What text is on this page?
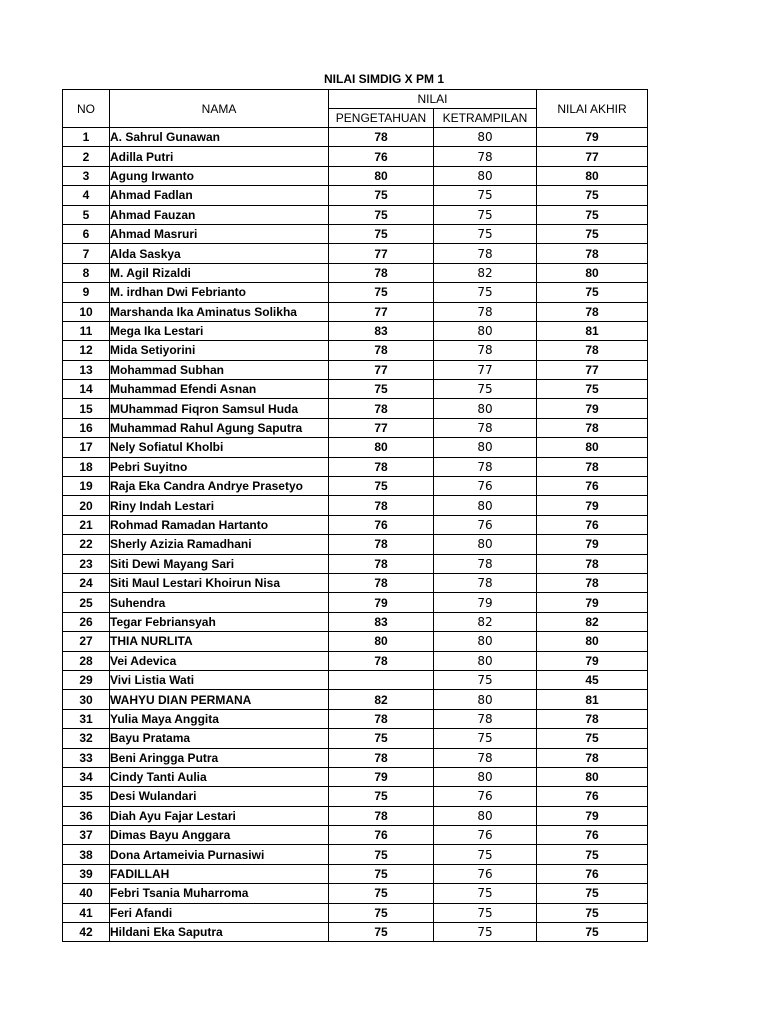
NILAI SIMDIG X PM 1
NO	NAMA	NILAI		NILAI AKHIR
		PENGETAHUAN	KETRAMPILAN	
1	A. Sahrul Gunawan	78	80	79
2	Adilla Putri	76	78	77
3	Agung Irwanto	80	80	80
4	Ahmad Fadlan	75	75	75
5	Ahmad Fauzan	75	75	75
6	Ahmad Masruri	75	75	75
7	Alda Saskya	77	78	78
8	M. Agil Rizaldi	78	82	80
9	M. irdhan Dwi Febrianto	75	75	75
10	Marshanda Ika Aminatus Solikha	77	78	78
11	Mega Ika Lestari	83	80	81
12	Mida Setiyorini	78	78	78
13	Mohammad Subhan	77	77	77
14	Muhammad Efendi Asnan	75	75	75
15	MUhammad Fiqron Samsul Huda	78	80	79
16	Muhammad Rahul Agung Saputra	77	78	78
17	Nely Sofiatul Kholbi	80	80	80
18	Pebri Suyitno	78	78	78
19	Raja Eka Candra Andrye Prasetyo	75	76	76
20	Riny Indah Lestari	78	80	79
21	Rohmad Ramadan Hartanto	76	76	76
22	Sherly Azizia Ramadhani	78	80	79
23	Siti Dewi Mayang Sari	78	78	78
24	Siti Maul Lestari Khoirun Nisa	78	78	78
25	Suhendra	79	79	79
26	Tegar Febriansyah	83	82	82
27	THIA NURLITA	80	80	80
28	Vei Adevica	78	80	79
29	Vivi Listia Wati		75	45
30	WAHYU DIAN PERMANA	82	80	81
31	Yulia Maya Anggita	78	78	78
32	Bayu Pratama	75	75	75
33	Beni Aringga Putra	78	78	78
34	Cindy Tanti Aulia	79	80	80
35	Desi Wulandari	75	76	76
36	Diah Ayu Fajar Lestari	78	80	79
37	Dimas Bayu Anggara	76	76	76
38	Dona Artameivia Purnasiwi	75	75	75
39	FADILLAH	75	76	76
40	Febri Tsania Muharroma	75	75	75
41	Feri Afandi	75	75	75
42	Hildani Eka Saputra	75	75	75
